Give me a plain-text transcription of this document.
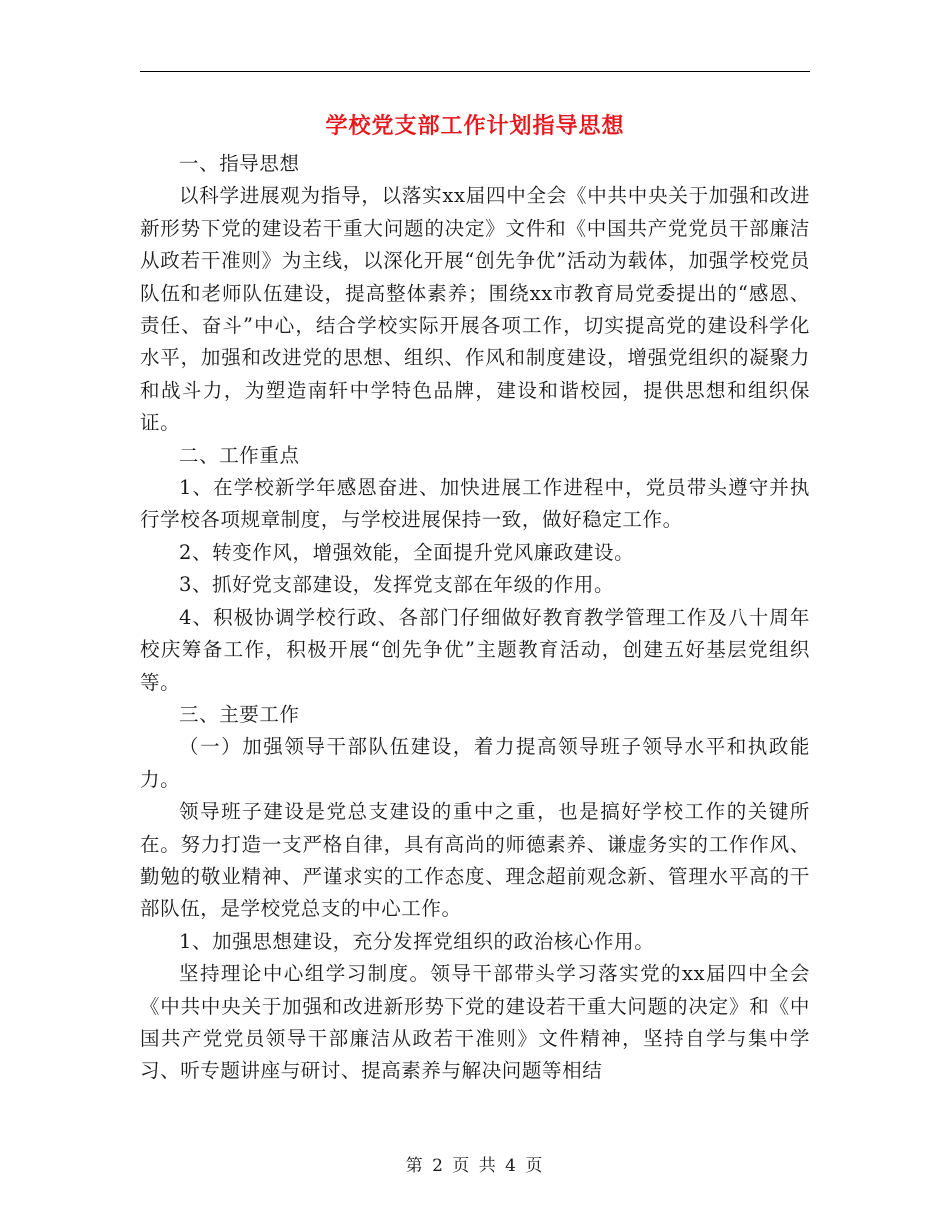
学校党支部工作计划指导思想

一、指导思想

以科学进展观为指导，以落实xx届四中全会《中共中央关于加强和改进新形势下党的建设若干重大问题的决定》文件和《中国共产党党员干部廉洁从政若干准则》为主线，以深化开展“创先争优”活动为载体，加强学校党员队伍和老师队伍建设，提高整体素养；围绕xx市教育局党委提出的“感恩、责任、奋斗”中心，结合学校实际开展各项工作，切实提高党的建设科学化水平，加强和改进党的思想、组织、作风和制度建设，增强党组织的凝聚力和战斗力，为塑造南轩中学特色品牌，建设和谐校园，提供思想和组织保证。

二、工作重点

1、在学校新学年感恩奋进、加快进展工作进程中，党员带头遵守并执行学校各项规章制度，与学校进展保持一致，做好稳定工作。

2、转变作风，增强效能，全面提升党风廉政建设。

3、抓好党支部建设，发挥党支部在年级的作用。

4、积极协调学校行政、各部门仔细做好教育教学管理工作及八十周年校庆筹备工作，积极开展“创先争优”主题教育活动，创建五好基层党组织等。

三、主要工作

（一）加强领导干部队伍建设，着力提高领导班子领导水平和执政能力。

领导班子建设是党总支建设的重中之重，也是搞好学校工作的关键所在。努力打造一支严格自律，具有高尚的师德素养、谦虚务实的工作作风、勤勉的敬业精神、严谨求实的工作态度、理念超前观念新、管理水平高的干部队伍，是学校党总支的中心工作。

1、加强思想建设，充分发挥党组织的政治核心作用。

坚持理论中心组学习制度。领导干部带头学习落实党的xx届四中全会《中共中央关于加强和改进新形势下党的建设若干重大问题的决定》和《中国共产党党员领导干部廉洁从政若干准则》文件精神，坚持自学与集中学习、听专题讲座与研讨、提高素养与解决问题等相结

第 2 页 共 4 页
